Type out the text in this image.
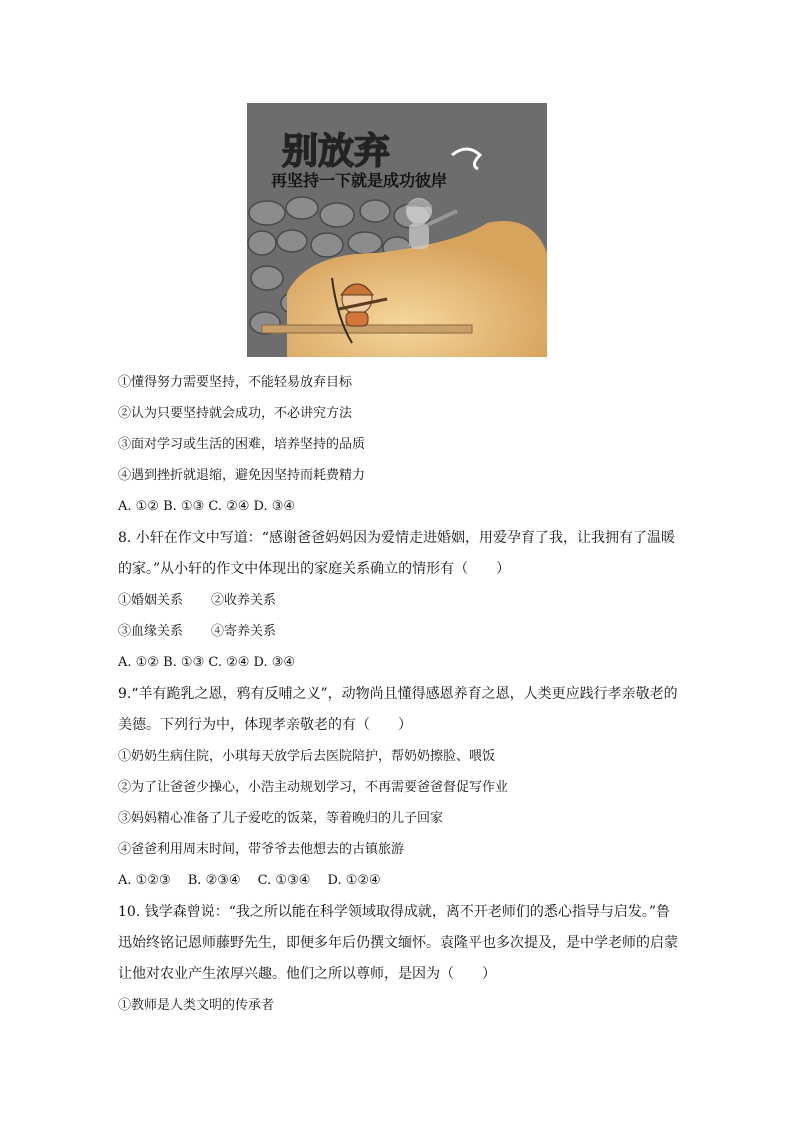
别放弃
再坚持一下就是成功彼岸
①懂得努力需要坚持，不能轻易放弃目标
②认为只要坚持就会成功，不必讲究方法
③面对学习或生活的困难，培养坚持的品质
④遇到挫折就退缩，避免因坚持而耗费精力
A. ①② B. ①③ C. ②④ D. ③④
8. 小轩在作文中写道：“感谢爸爸妈妈因为爱情走进婚姻，用爱孕育了我，让我拥有了温暖
的家。”从小轩的作文中体现出的家庭关系确立的情形有（　　）
①婚姻关系 ②收养关系
③血缘关系 ④寄养关系
A. ①② B. ①③ C. ②④ D. ③④
9.“羊有跪乳之恩，鸦有反哺之义”，动物尚且懂得感恩养育之恩，人类更应践行孝亲敬老的
美德。下列行为中，体现孝亲敬老的有（　　）
①奶奶生病住院，小琪每天放学后去医院陪护，帮奶奶擦脸、喂饭
②为了让爸爸少操心，小浩主动规划学习，不再需要爸爸督促写作业
③妈妈精心准备了儿子爱吃的饭菜，等着晚归的儿子回家
④爸爸利用周末时间，带爷爷去他想去的古镇旅游
A. ①②③　 B. ②③④　 C. ①③④　 D. ①②④
10. 钱学森曾说：“我之所以能在科学领域取得成就，离不开老师们的悉心指导与启发。”鲁
迅始终铭记恩师藤野先生，即便多年后仍撰文缅怀。袁隆平也多次提及，是中学老师的启蒙
让他对农业产生浓厚兴趣。他们之所以尊师，是因为（　　）
①教师是人类文明的传承者
